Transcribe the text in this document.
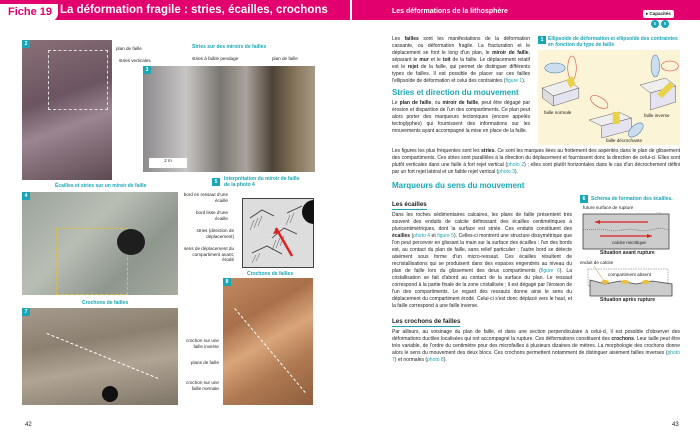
Fiche 19 La déformation fragile : stries, écailles, crochons
2
plan de faille
stries verticales
Stries sur des miroirs de failles
stries à faible pendage	plan de faille
3
2 m
Écailles et stries sur un miroir de faille
4
5	Interprétation du miroir de faille de la photo 4
bord en ressaut d'une écaille
bord lisse d'une écaille
stries (direction de déplacement)
sens de déplacement du compartiment avant, érodé
Crochons de failles
8
Crochons de failles
7
crochon sur une faille inverse
plans de faille
crochon sur une faille normale
42
Les déformations de la lithosphère	▸ Capacités
5	6
1 Ellipsoïde de déformation et ellipsoïde des contraintes en fonction du type de faille
faille normale
faille inverse
faille décrochante
Les failles sont les manifestations de la déformation cassante, ou déformation fragile. La fracturation et le déplacement se font le long d'un plan, le miroir de faille, séparant le mur et le toit de la faille. Le déplacement relatif est le rejet de la faille, qui permet de distinguer différents types de failles. Il est possible de placer sur ces failles l'ellipsoïde de déformation et celui des contraintes (figure 1).
Stries et direction du mouvement
Le plan de faille, ou miroir de faille, peut être dégagé par érosion et disparition de l'un des compartiments. Ce plan peut alors porter des marqueurs tectoniques (encore appelés tectoglyphes) qui fournissent des informations sur les mouvements ayant accompagné la mise en place de la faille.
Les figures les plus fréquentes sont les stries. Ce sont les marques liées au frottement des aspérités dans le plan de glissement des compartiments. Ces stries sont parallèles à la direction du déplacement et fournissent donc la direction de celui-ci. Elles sont plutôt verticales dans une faille à fort rejet vertical (photo 2) ; elles sont plutôt horizontales dans le cas d'un décrochement défini par un fort rejet latéral et un faible rejet vertical (photo 3).
Marqueurs du sens du mouvement
6	Schéma de formation des écailles.
future surface de rupture
calcite micritique
Situation avant rupture
enduit de calcite
compartiment absent
Situation après rupture
Les écailles
Dans les roches sédimentaires calcaires, les plans de faille présentent très souvent des enduits de calcite définissant des écailles centimétriques à pluricentimétriques, dont la surface est striée. Ces enduits constituent des écailles (photo 4 et figure 5). Celles-ci montrent une structure dissymétrique que l'on peut percevoir en glissant la main sur la surface des écailles : l'un des bords est, au contact du plan de faille, sans relief particulier ; l'autre bord se détecte aisément sous forme d'un micro-ressaut. Ces écailles résultent de recristallisations qui se produisent dans des espaces engendrés au niveau du plan de faille lors du glissement des deux compartiments (figure 6). La cristallisation se fait d'abord au contact de la surface du plan. Le ressaut correspond à la partie finale de la zone cristallisée ; il est dégagé par l'érosion de l'un des compartiments. Le regard des ressauts donne ainsi le sens du déplacement du compartiment érodé. Celui-ci s'est donc déplacé vers le haut, et la faille correspond à une faille inverse.
Les crochons de failles
Par ailleurs, au voisinage du plan de faille, et dans une section perpendiculaire à celui-ci, il est possible d'observer des déformations ductiles localisées qui ont accompagné la rupture. Ces déformations constituent des crochons. Leur taille peut être très variable, de l'ordre du centimètre pour des microfailles à plusieurs dizaines de mètres. La morphologie des crochons donne alors le sens du mouvement des deux blocs. Ces crochons permettent notamment de distinguer aisément failles inverses (photo 7) et normales (photo 8).
43
